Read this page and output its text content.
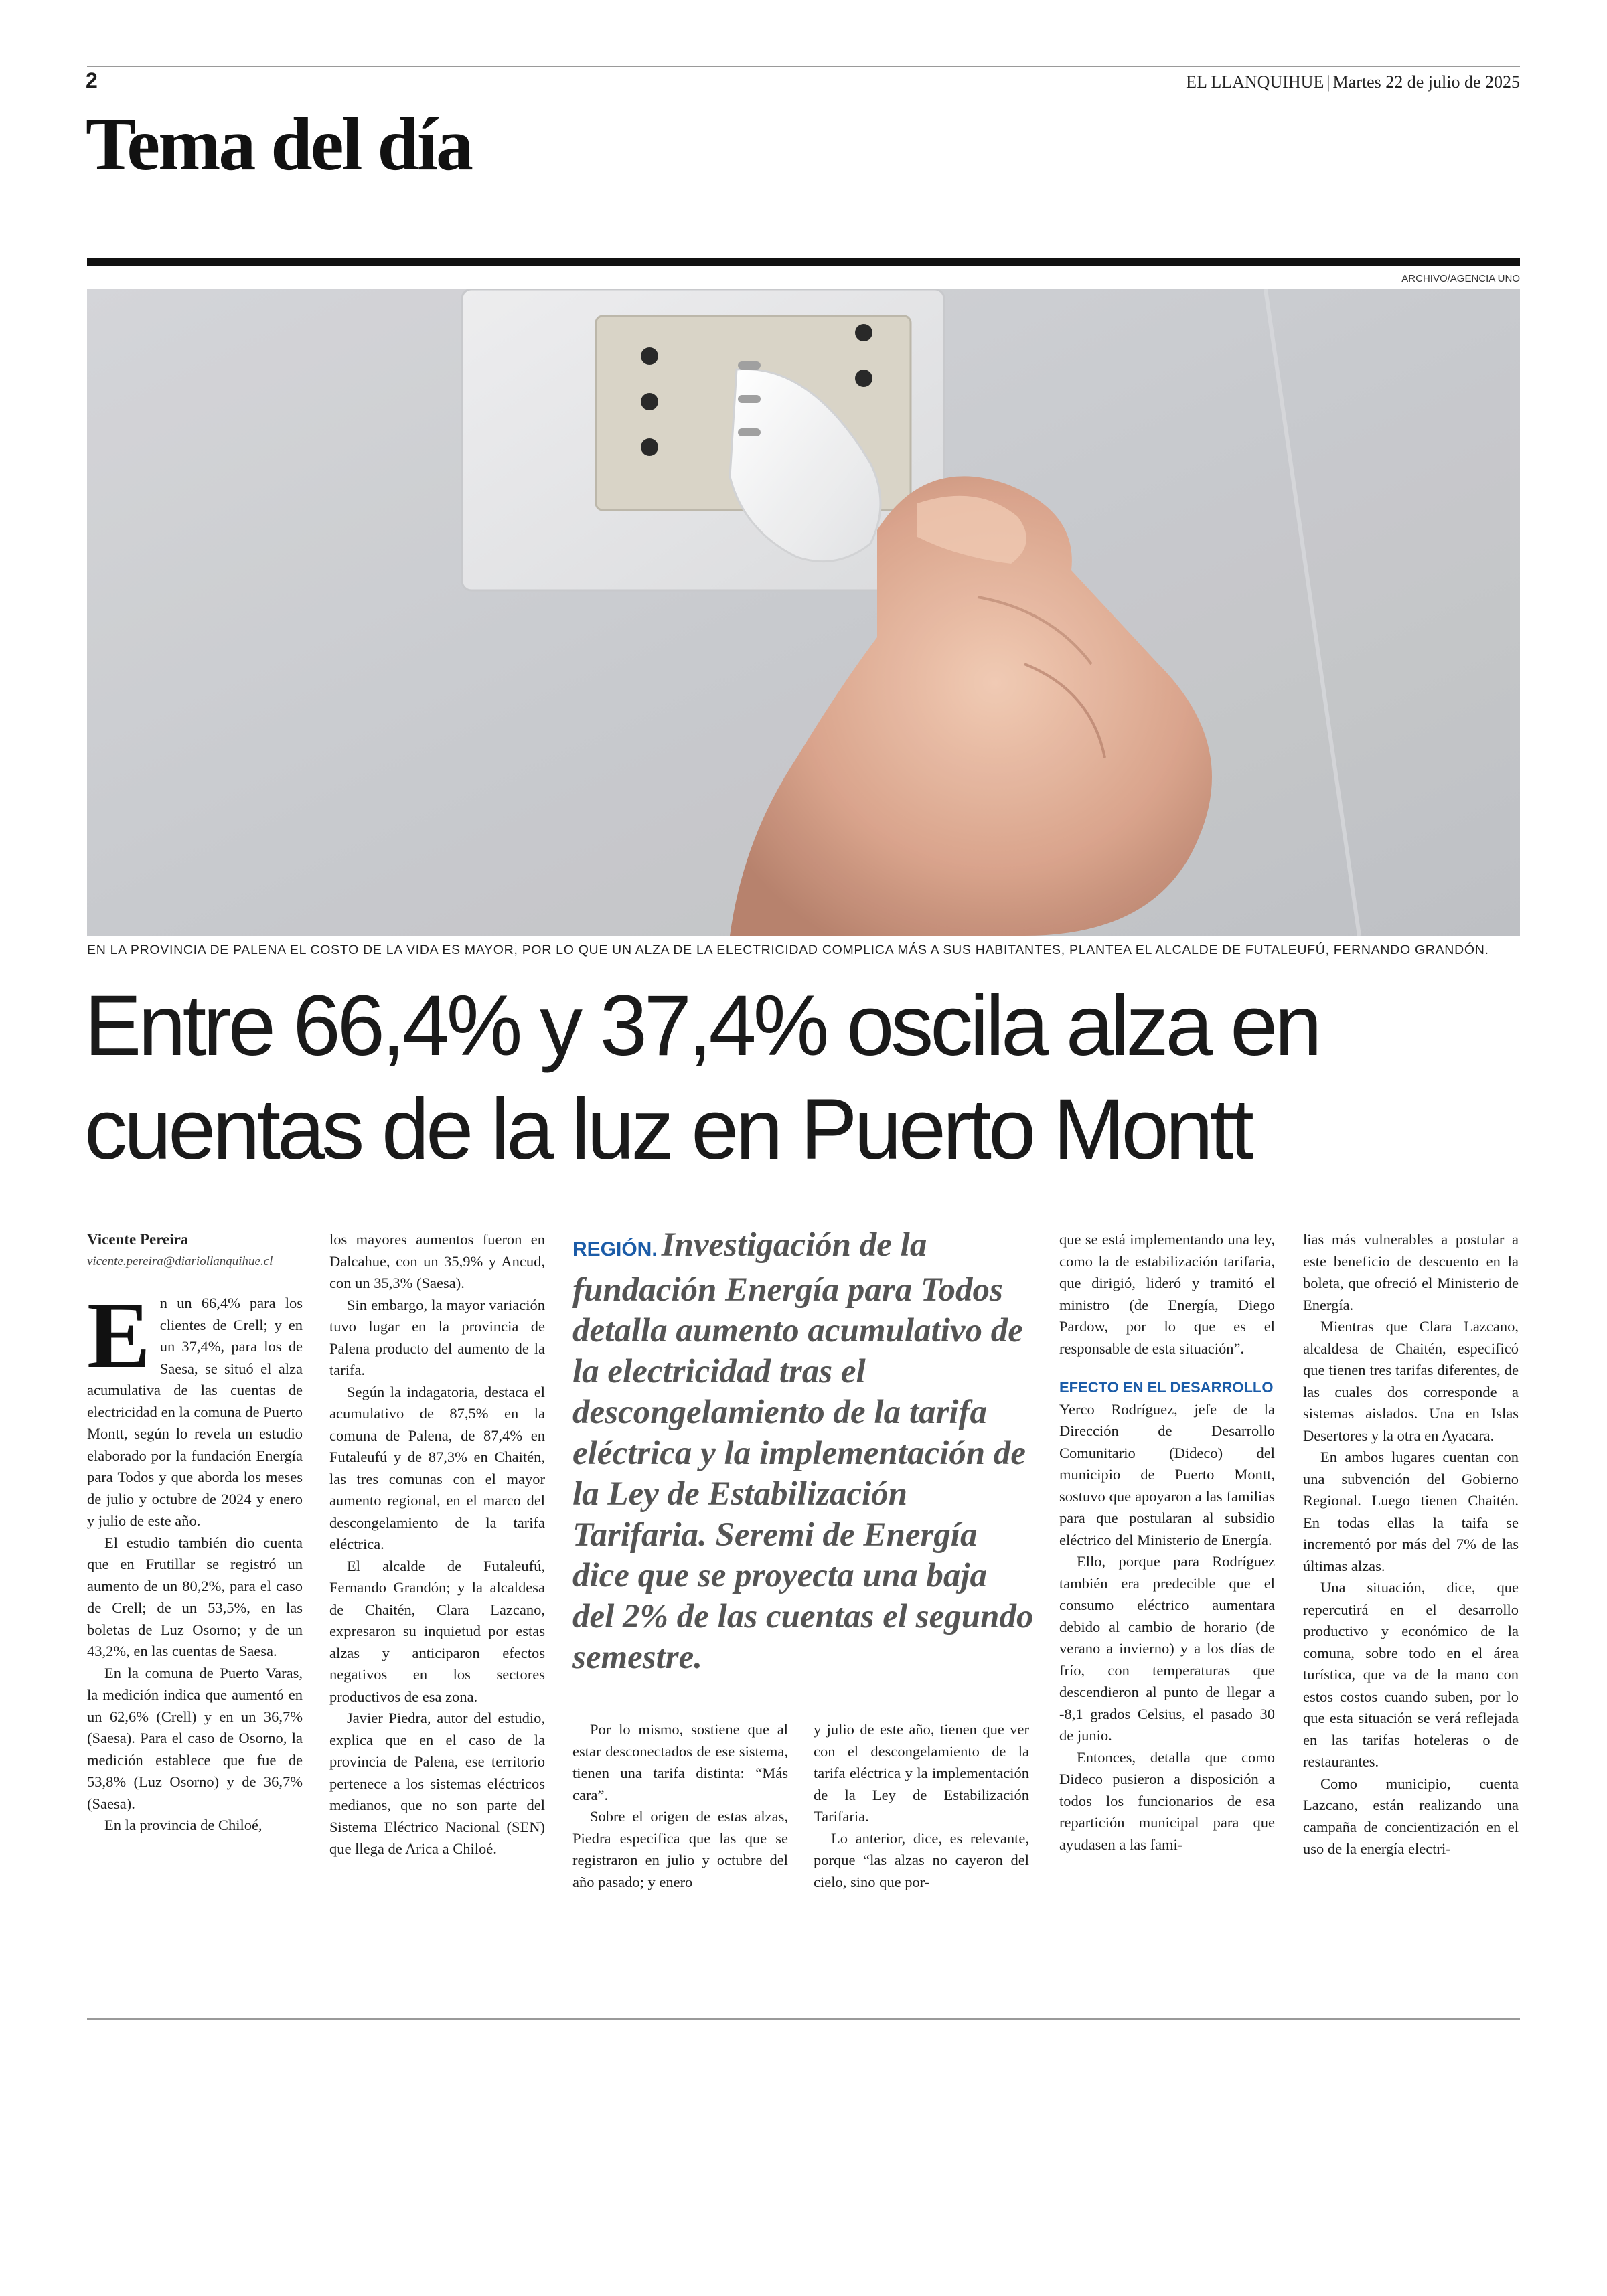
2	EL LLANQUIHUE | Martes 22 de julio de 2025
Tema del día
ARCHIVO/AGENCIA UNO
EN LA PROVINCIA DE PALENA EL COSTO DE LA VIDA ES MAYOR, POR LO QUE UN ALZA DE LA ELECTRICIDAD COMPLICA MÁS A SUS HABITANTES, PLANTEA EL ALCALDE DE FUTALEUFÚ, FERNANDO GRANDÓN.
Entre 66,4% y 37,4% oscila alza en
cuentas de la luz en Puerto Montt

Vicente Pereira

vicente.pereira@diariollanquihue.cl

En un 66,4% para los clientes de Crell; y en un 37,4%, para los de Saesa, se situó el alza acumulativa de las cuentas de electricidad en la comuna de Puerto Montt, según lo revela un estudio elaborado por la fundación Energía para Todos y que aborda los meses de julio y octubre de 2024 y enero y julio de este año.

El estudio también dio cuenta que en Frutillar se registró un aumento de un 80,2%, para el caso de Crell; de un 53,5%, en las boletas de Luz Osorno; y de un 43,2%, en las cuentas de Saesa.

En la comuna de Puerto Varas, la medición indica que aumentó en un 62,6% (Crell) y en un 36,7% (Saesa). Para el caso de Osorno, la medición establece que fue de 53,8% (Luz Osorno) y de 36,7% (Saesa).

En la provincia de Chiloé,

los mayores aumentos fueron en Dalcahue, con un 35,9% y Ancud, con un 35,3% (Saesa).

Sin embargo, la mayor variación tuvo lugar en la provincia de Palena producto del aumento de la tarifa.

Según la indagatoria, destaca el acumulativo de 87,5% en la comuna de Palena, de 87,4% en Futaleufú y de 87,3% en Chaitén, las tres comunas con el mayor aumento regional, en el marco del descongelamiento de la tarifa eléctrica.

El alcalde de Futaleufú, Fernando Grandón; y la alcaldesa de Chaitén, Clara Lazcano, expresaron su inquietud por estas alzas y anticiparon efectos negativos en los sectores productivos de esa zona.

Javier Piedra, autor del estudio, explica que en el caso de la provincia de Palena, ese territorio pertenece a los sistemas eléctricos medianos, que no son parte del Sistema Eléctrico Nacional (SEN) que llega de Arica a Chiloé.

REGIÓN. Investigación de la fundación Energía para Todos detalla aumento acumulativo de la electricidad tras el descongelamiento de la tarifa eléctrica y la implementación de la Ley de Estabilización Tarifaria. Seremi de Energía dice que se proyecta una baja del 2% de las cuentas el segundo semestre.

Por lo mismo, sostiene que al estar desconectados de ese sistema, tienen una tarifa distinta: “Más cara”.

Sobre el origen de estas alzas, Piedra especifica que las que se registraron en julio y octubre del año pasado; y enero

y julio de este año, tienen que ver con el descongelamiento de la tarifa eléctrica y la implementación de la Ley de Estabilización Tarifaria.

Lo anterior, dice, es relevante, porque “las alzas no cayeron del cielo, sino que por-

que se está implementando una ley, como la de estabilización tarifaria, que dirigió, lideró y tramitó el ministro (de Energía, Diego Pardow, por lo que es el responsable de esta situación”.

EFECTO EN EL DESARROLLO

Yerco Rodríguez, jefe de la Dirección de Desarrollo Comunitario (Dideco) del municipio de Puerto Montt, sostuvo que apoyaron a las familias para que postularan al subsidio eléctrico del Ministerio de Energía.

Ello, porque para Rodríguez también era predecible que el consumo eléctrico aumentara debido al cambio de horario (de verano a invierno) y a los días de frío, con temperaturas que descendieron al punto de llegar a -8,1 grados Celsius, el pasado 30 de junio.

Entonces, detalla que como Dideco pusieron a disposición a todos los funcionarios de esa repartición municipal para que ayudasen a las fami-

lias más vulnerables a postular a este beneficio de descuento en la boleta, que ofreció el Ministerio de Energía.

Mientras que Clara Lazcano, alcaldesa de Chaitén, especificó que tienen tres tarifas diferentes, de las cuales dos corresponde a sistemas aislados. Una en Islas Desertores y la otra en Ayacara.

En ambos lugares cuentan con una subvención del Gobierno Regional. Luego tienen Chaitén. En todas ellas la taifa se incrementó por más del 7% de las últimas alzas.

Una situación, dice, que repercutirá en el desarrollo productivo y económico de la comuna, sobre todo en el área turística, que va de la mano con estos costos cuando suben, por lo que esta situación se verá reflejada en las tarifas hoteleras o de restaurantes.

Como municipio, cuenta Lazcano, están realizando una campaña de concientización en el uso de la energía electri-
